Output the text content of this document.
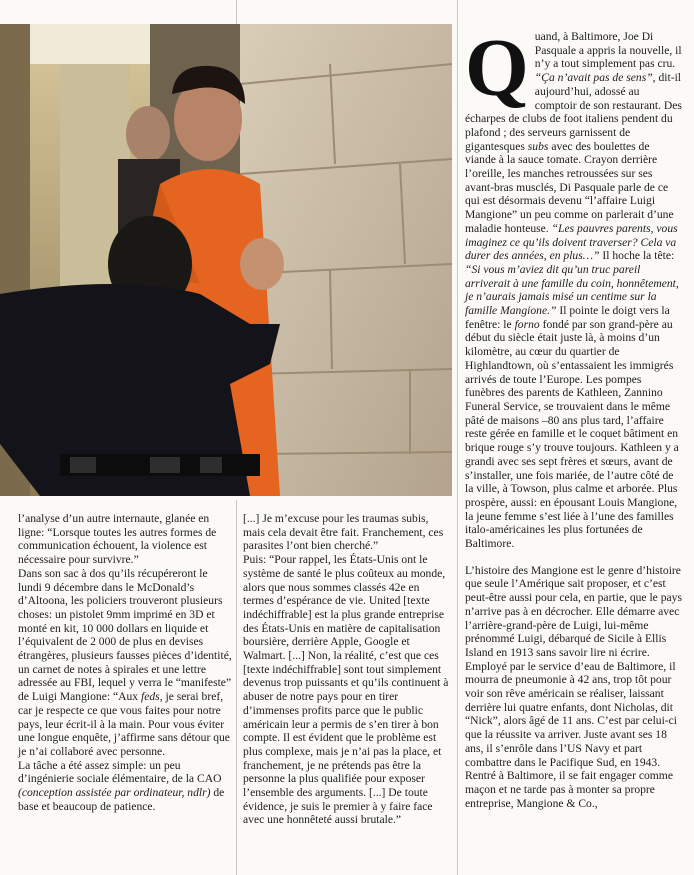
l’analyse d’un autre internaute, glanée en ligne: “Lorsque toutes les autres formes de communication échouent, la violence est nécessaire pour survivre.”

Dans son sac à dos qu’ils récupéreront le lundi 9 décembre dans le McDonald’s d’Altoona, les policiers trouveront plusieurs choses: un pistolet 9mm imprimé en 3D et monté en kit, 10 000 dollars en liquide et l’équivalent de 2 000 de plus en devises étrangères, plusieurs fausses pièces d’identité, un carnet de notes à spirales et une lettre adressée au FBI, lequel y verra le “manifeste” de Luigi Mangione: “Aux feds, je serai bref, car je respecte ce que vous faites pour notre pays, leur écrit-il à la main. Pour vous éviter une longue enquête, j’affirme sans détour que je n’ai collaboré avec personne.

La tâche a été assez simple: un peu d’ingénierie sociale élémentaire, de la CAO (conception assistée par ordinateur, ndlr) de base et beaucoup de patience.

[...] Je m’excuse pour les traumas subis, mais cela devait être fait. Franchement, ces parasites l’ont bien cherché.”

Puis: “Pour rappel, les États-Unis ont le système de santé le plus coûteux au monde, alors que nous sommes classés 42e en termes d’espérance de vie. United [texte indéchiffrable] est la plus grande entreprise des États-Unis en matière de capitalisation boursière, derrière Apple, Google et Walmart. [...] Non, la réalité, c’est que ces [texte indéchiffrable] sont tout simplement devenus trop puissants et qu’ils continuent à abuser de notre pays pour en tirer d’immenses profits parce que le public américain leur a permis de s’en tirer à bon compte. Il est évident que le problème est plus complexe, mais je n’ai pas la place, et franchement, je ne prétends pas être la personne la plus qualifiée pour exposer l’ensemble des arguments. [...] De toute évidence, je suis le premier à y faire face avec une honnêteté aussi brutale.”

Quand, à Baltimore, Joe Di Pasquale a appris la nouvelle, il n’y a tout simplement pas cru. “Ça n’avait pas de sens”, dit-il aujourd’hui, adossé au comptoir de son restaurant. Des écharpes de clubs de foot italiens pendent du plafond ; des serveurs garnissent de gigantesques subs avec des boulettes de viande à la sauce tomate. Crayon derrière l’oreille, les manches retroussées sur ses avant-bras musclés, Di Pasquale parle de ce qui est désormais devenu “l’affaire Luigi Mangione” un peu comme on parlerait d’une maladie honteuse. “Les pauvres parents, vous imaginez ce qu’ils doivent traverser? Cela va durer des années, en plus…” Il hoche la tête: “Si vous m’aviez dit qu’un truc pareil arriverait à une famille du coin, honnêtement, je n’aurais jamais misé un centime sur la famille Mangione.” Il pointe le doigt vers la fenêtre: le forno fondé par son grand-père au début du siècle était juste là, à moins d’un kilomètre, au cœur du quartier de Highlandtown, où s’entassaient les immigrés arrivés de toute l’Europe. Les pompes funèbres des parents de Kathleen, Zannino Funeral Service, se trouvaient dans le même pâté de maisons –80 ans plus tard, l’affaire reste gérée en famille et le coquet bâtiment en brique rouge s’y trouve toujours. Kathleen y a grandi avec ses sept frères et sœurs, avant de s’installer, une fois mariée, de l’autre côté de la ville, à Towson, plus calme et arborée. Plus prospère, aussi: en épousant Louis Mangione, la jeune femme s’est liée à l’une des familles italo-américaines les plus fortunées de Baltimore.

L’histoire des Mangione est le genre d’histoire que seule l’Amérique sait proposer, et c’est peut-être aussi pour cela, en partie, que le pays n’arrive pas à en décrocher. Elle démarre avec l’arrière-grand-père de Luigi, lui-même prénommé Luigi, débarqué de Sicile à Ellis Island en 1913 sans savoir lire ni écrire. Employé par le service d’eau de Baltimore, il mourra de pneumonie à 42 ans, trop tôt pour voir son rêve américain se réaliser, laissant derrière lui quatre enfants, dont Nicholas, dit “Nick”, alors âgé de 11 ans. C’est par celui-ci que la réussite va arriver. Juste avant ses 18 ans, il s’enrôle dans l’US Navy et part combattre dans le Pacifique Sud, en 1943. Rentré à Baltimore, il se fait engager comme maçon et ne tarde pas à monter sa propre entreprise, Mangione & Co.,
